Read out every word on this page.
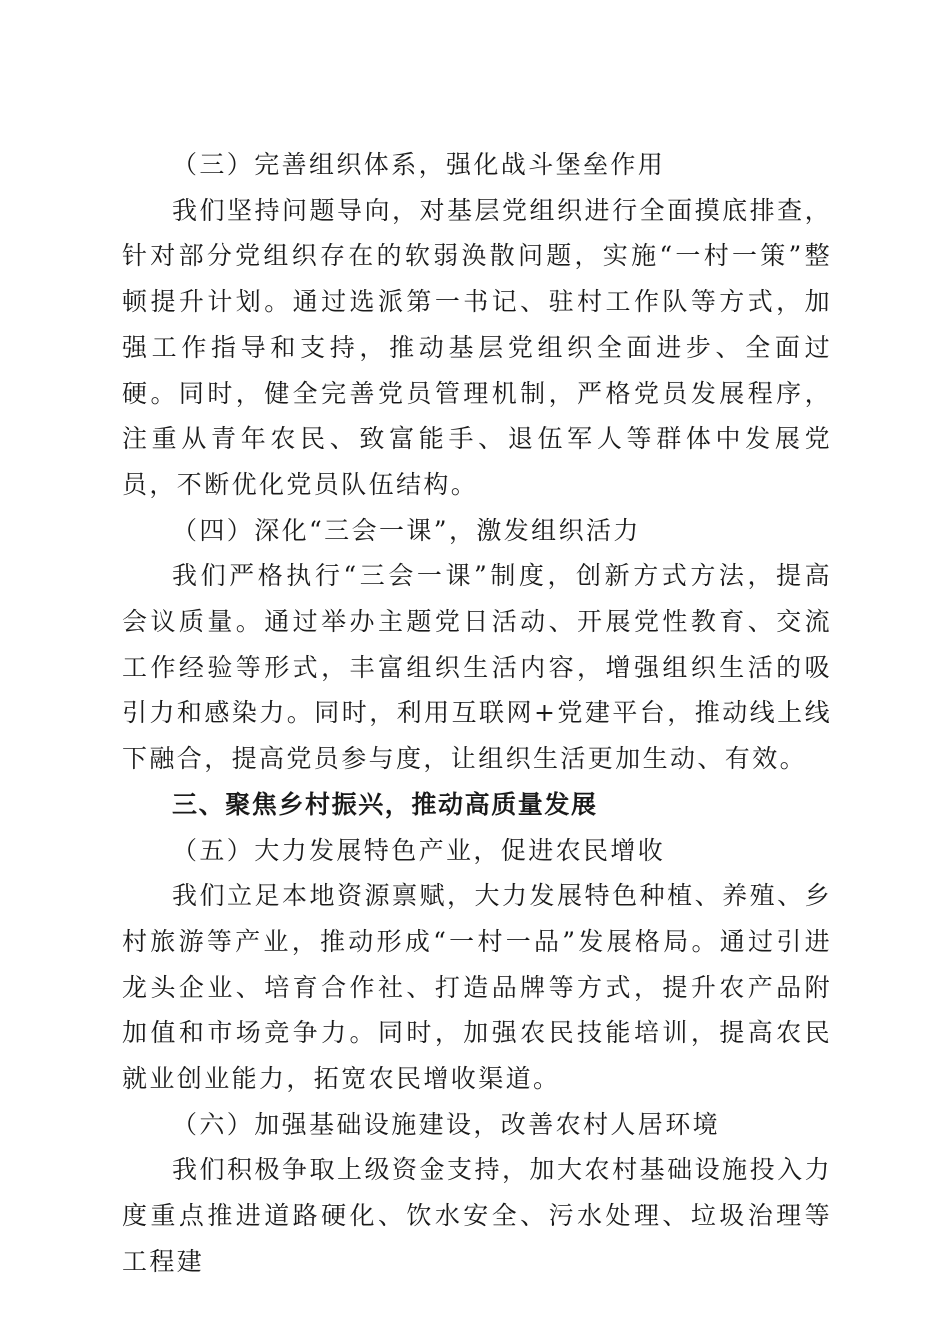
（三）完善组织体系，强化战斗堡垒作用

我们坚持问题导向，对基层党组织进行全面摸底排查，针对部分党组织存在的软弱涣散问题，实施“一村一策”整顿提升计划。通过选派第一书记、驻村工作队等方式，加强工作指导和支持，推动基层党组织全面进步、全面过硬。同时，健全完善党员管理机制，严格党员发展程序，注重从青年农民、致富能手、退伍军人等群体中发展党员，不断优化党员队伍结构。

（四）深化“三会一课”，激发组织活力

我们严格执行“三会一课”制度，创新方式方法，提高会议质量。通过举办主题党日活动、开展党性教育、交流工作经验等形式，丰富组织生活内容，增强组织生活的吸引力和感染力。同时，利用互联网+党建平台，推动线上线下融合，提高党员参与度，让组织生活更加生动、有效。

三、聚焦乡村振兴，推动高质量发展

（五）大力发展特色产业，促进农民增收

我们立足本地资源禀赋，大力发展特色种植、养殖、乡村旅游等产业，推动形成“一村一品”发展格局。通过引进龙头企业、培育合作社、打造品牌等方式，提升农产品附加值和市场竞争力。同时，加强农民技能培训，提高农民就业创业能力，拓宽农民增收渠道。

（六）加强基础设施建设，改善农村人居环境

我们积极争取上级资金支持，加大农村基础设施投入力度重点推进道路硬化、饮水安全、污水处理、垃圾治理等工程建
